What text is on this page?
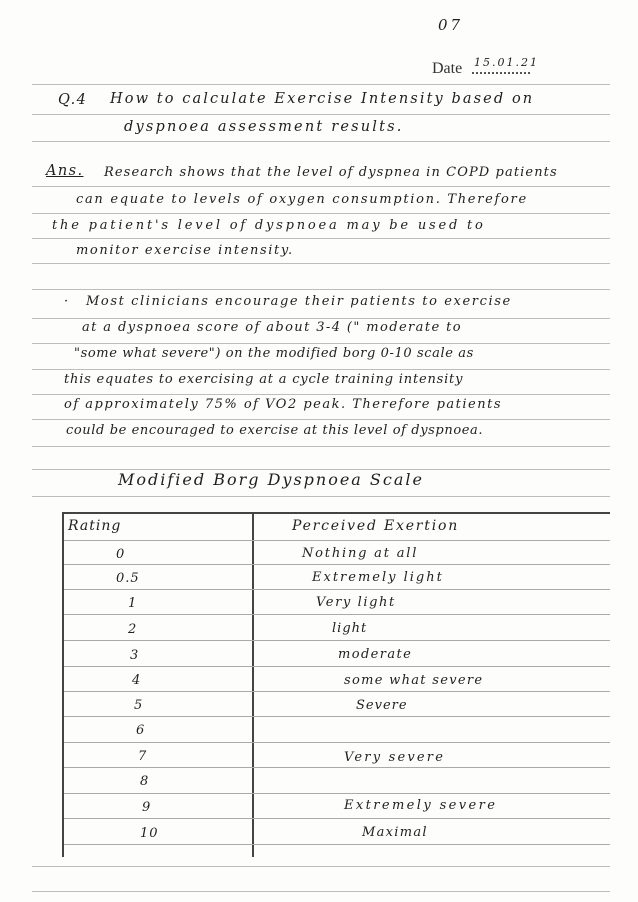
07
Date 15.01.21
Q.4 How to calculate Exercise Intensity based on
dyspnoea assessment results.
Ans. Research shows that the level of dyspnea in COPD patients
can equate to levels of oxygen consumption. Therefore
the patient's level of dyspnoea may be used to
monitor exercise intensity.
· Most clinicians encourage their patients to exercise
at a dyspnoea score of about 3-4 (" moderate to
"some what severe") on the modified borg 0-10 scale as
this equates to exercising at a cycle training intensity
of approximately 75% of VO2 peak. Therefore patients
could be encouraged to exercise at this level of dyspnoea.
Modified Borg Dyspnoea Scale
Rating	Perceived Exertion
0
0.5
1
2
3
4
5
6
7
8
9
10
Nothing at all
Extremely light
Very light
light
moderate
some what severe
Severe
Very severe
Extremely severe
Maximal
